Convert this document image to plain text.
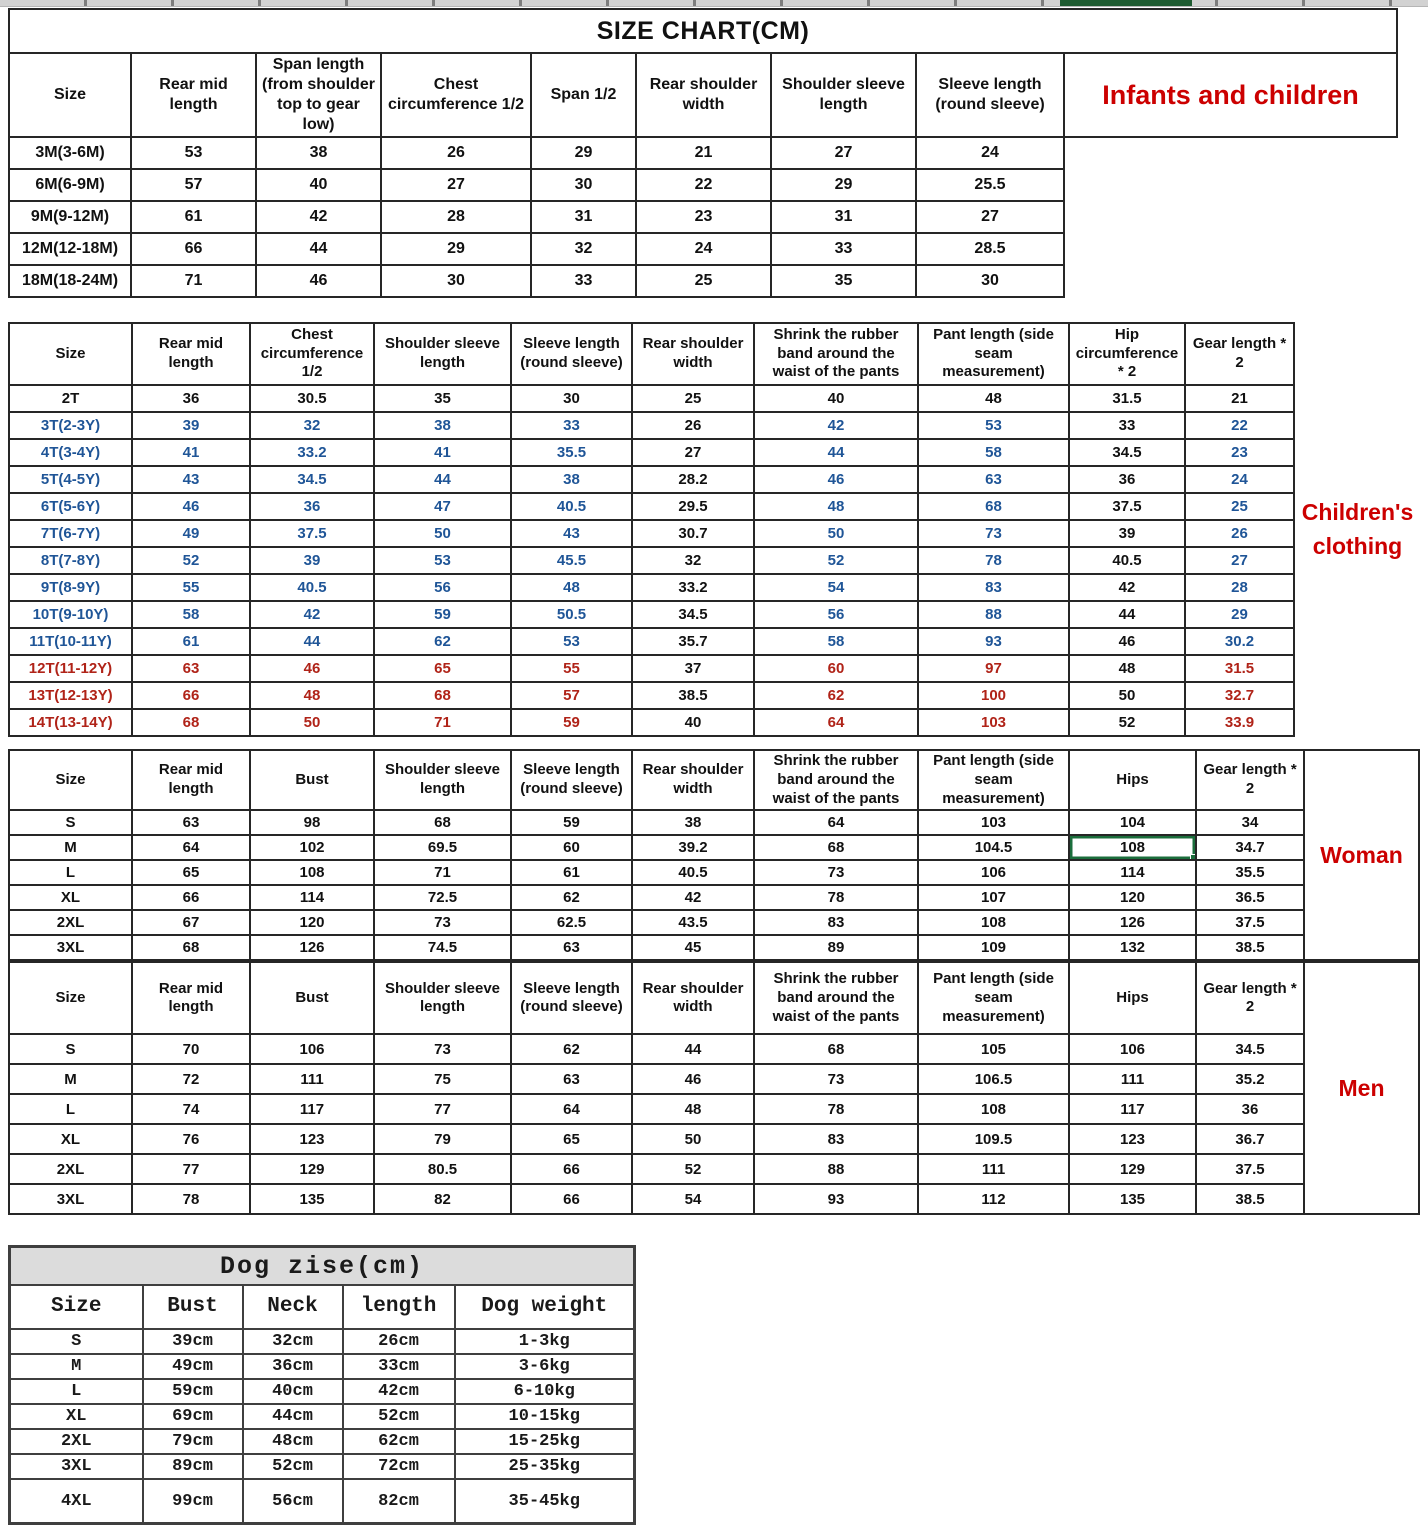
SIZE CHART(CM)								
Size	Rear mid length	Span length (from shoulder top to gear low)	Chest circumference 1/2	Span 1/2	Rear shoulder width	Shoulder sleeve length	Sleeve length (round sleeve)	Infants and children
3M(3-6M)	53	38	26	29	21	27	24	
6M(6-9M)	57	40	27	30	22	29	25.5	
9M(9-12M)	61	42	28	31	23	31	27	
12M(12-18M)	66	44	29	32	24	33	28.5	
18M(18-24M)	71	46	30	33	25	35	30	
Size	Rear mid length	Chest circumference 1/2	Shoulder sleeve length	Sleeve length (round sleeve)	Rear shoulder width	Shrink the rubber band around the waist of the pants	Pant length (side seam measurement)	Hip circumference * 2	Gear length * 2
2T	36	30.5	35	30	25	40	48	31.5	21
3T(2-3Y)	39	32	38	33	26	42	53	33	22
4T(3-4Y)	41	33.2	41	35.5	27	44	58	34.5	23
5T(4-5Y)	43	34.5	44	38	28.2	46	63	36	24
6T(5-6Y)	46	36	47	40.5	29.5	48	68	37.5	25
7T(6-7Y)	49	37.5	50	43	30.7	50	73	39	26
8T(7-8Y)	52	39	53	45.5	32	52	78	40.5	27
9T(8-9Y)	55	40.5	56	48	33.2	54	83	42	28
10T(9-10Y)	58	42	59	50.5	34.5	56	88	44	29
11T(10-11Y)	61	44	62	53	35.7	58	93	46	30.2
12T(11-12Y)	63	46	65	55	37	60	97	48	31.5
13T(12-13Y)	66	48	68	57	38.5	62	100	50	32.7
14T(13-14Y)	68	50	71	59	40	64	103	52	33.9
Children's clothing
Size	Rear mid length	Bust	Shoulder sleeve length	Sleeve length (round sleeve)	Rear shoulder width	Shrink the rubber band around the waist of the pants	Pant length (side seam measurement)	Hips	Gear length * 2
S	63	98	68	59	38	64	103	104	34
M	64	102	69.5	60	39.2	68	104.5	108	34.7
L	65	108	71	61	40.5	73	106	114	35.5
XL	66	114	72.5	62	42	78	107	120	36.5
2XL	67	120	73	62.5	43.5	83	108	126	37.5
3XL	68	126	74.5	63	45	89	109	132	38.5
Woman
Size	Rear mid length	Bust	Shoulder sleeve length	Sleeve length (round sleeve)	Rear shoulder width	Shrink the rubber band around the waist of the pants	Pant length (side seam measurement)	Hips	Gear length * 2
S	70	106	73	62	44	68	105	106	34.5
M	72	111	75	63	46	73	106.5	111	35.2
L	74	117	77	64	48	78	108	117	36
XL	76	123	79	65	50	83	109.5	123	36.7
2XL	77	129	80.5	66	52	88	111	129	37.5
3XL	78	135	82	66	54	93	112	135	38.5
Men
Dog zise(cm)				
Size	Bust	Neck	length	Dog weight
S	39cm	32cm	26cm	1-3kg
M	49cm	36cm	33cm	3-6kg
L	59cm	40cm	42cm	6-10kg
XL	69cm	44cm	52cm	10-15kg
2XL	79cm	48cm	62cm	15-25kg
3XL	89cm	52cm	72cm	25-35kg
4XL	99cm	56cm	82cm	35-45kg
